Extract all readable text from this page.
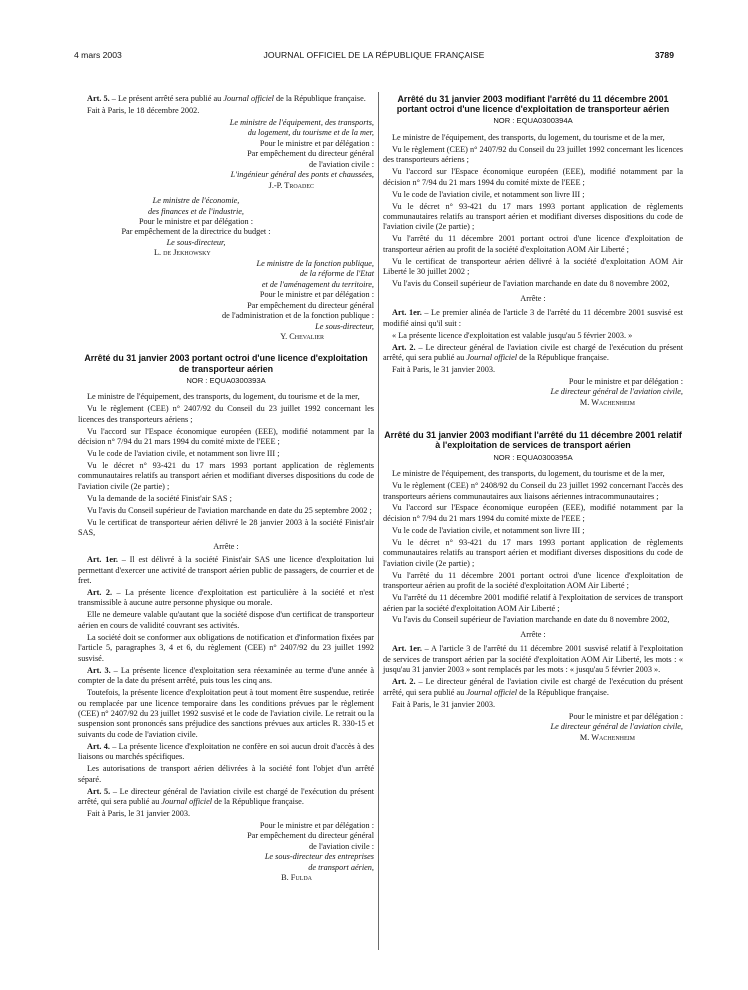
4 mars 2003	JOURNAL OFFICIEL DE LA RÉPUBLIQUE FRANÇAISE	3789

Art. 5. – Le présent arrêté sera publié au Journal officiel de la République française.

Fait à Paris, le 18 décembre 2002.

Le ministre de l'équipement, des transports,

du logement, du tourisme et de la mer,

Pour le ministre et par délégation :

Par empêchement du directeur général

de l'aviation civile :

L'ingénieur général des ponts et chaussées,

J.-P. Troadec

Le ministre de l'économie,

des finances et de l'industrie,

Pour le ministre et par délégation :

Par empêchement de la directrice du budget :

Le sous-directeur,

L. de Jekhowsky

Le ministre de la fonction publique,

de la réforme de l'Etat

et de l'aménagement du territoire,

Pour le ministre et par délégation :

Par empêchement du directeur général

de l'administration et de la fonction publique :

Le sous-directeur,

Y. Chevalier

Arrêté du 31 janvier 2003 portant octroi d'une licence d'exploitation de transporteur aérien

NOR : EQUA0300393A

Le ministre de l'équipement, des transports, du logement, du tourisme et de la mer,

Vu le règlement (CEE) n° 2407/92 du Conseil du 23 juillet 1992 concernant les licences des transporteurs aériens ;

Vu l'accord sur l'Espace économique européen (EEE), modifié notamment par la décision n° 7/94 du 21 mars 1994 du comité mixte de l'EEE ;

Vu le code de l'aviation civile, et notamment son livre III ;

Vu le décret n° 93-421 du 17 mars 1993 portant application de règlements communautaires relatifs au transport aérien et modifiant diverses dispositions du code de l'aviation civile (2e partie) ;

Vu la demande de la société Finist'air SAS ;

Vu l'avis du Conseil supérieur de l'aviation marchande en date du 25 septembre 2002 ;

Vu le certificat de transporteur aérien délivré le 28 janvier 2003 à la société Finist'air SAS,

Arrête :

Art. 1er. – Il est délivré à la société Finist'air SAS une licence d'exploitation lui permettant d'exercer une activité de transport aérien public de passagers, de courrier et de fret.

Art. 2. – La présente licence d'exploitation est particulière à la société et n'est transmissible à aucune autre personne physique ou morale.

Elle ne demeure valable qu'autant que la société dispose d'un certificat de transporteur aérien en cours de validité couvrant ses activités.

La société doit se conformer aux obligations de notification et d'information fixées par l'article 5, paragraphes 3, 4 et 6, du règlement (CEE) n° 2407/92 du 23 juillet 1992 susvisé.

Art. 3. – La présente licence d'exploitation sera réexaminée au terme d'une année à compter de la date du présent arrêté, puis tous les cinq ans.

Toutefois, la présente licence d'exploitation peut à tout moment être suspendue, retirée ou remplacée par une licence temporaire dans les conditions prévues par le règlement (CEE) n° 2407/92 du 23 juillet 1992 susvisé et le code de l'aviation civile. Le retrait ou la suspension sont prononcés sans préjudice des sanctions prévues aux articles R. 330-15 et suivants du code de l'aviation civile.

Art. 4. – La présente licence d'exploitation ne confère en soi aucun droit d'accès à des liaisons ou marchés spécifiques.

Les autorisations de transport aérien délivrées à la société font l'objet d'un arrêté séparé.

Art. 5. – Le directeur général de l'aviation civile est chargé de l'exécution du présent arrêté, qui sera publié au Journal officiel de la République française.

Fait à Paris, le 31 janvier 2003.

Pour le ministre et par délégation :

Par empêchement du directeur général

de l'aviation civile :

Le sous-directeur des entreprises

de transport aérien,

B. Fulda

Arrêté du 31 janvier 2003 modifiant l'arrêté du 11 décembre 2001 portant octroi d'une licence d'exploitation de transporteur aérien

NOR : EQUA0300394A

Le ministre de l'équipement, des transports, du logement, du tourisme et de la mer,

Vu le règlement (CEE) n° 2407/92 du Conseil du 23 juillet 1992 concernant les licences des transporteurs aériens ;

Vu l'accord sur l'Espace économique européen (EEE), modifié notamment par la décision n° 7/94 du 21 mars 1994 du comité mixte de l'EEE ;

Vu le code de l'aviation civile, et notamment son livre III ;

Vu le décret n° 93-421 du 17 mars 1993 portant application de règlements communautaires relatifs au transport aérien et modifiant diverses dispositions du code de l'aviation civile (2e partie) ;

Vu l'arrêté du 11 décembre 2001 portant octroi d'une licence d'exploitation de transporteur aérien au profit de la société d'exploitation AOM Air Liberté ;

Vu le certificat de transporteur aérien délivré à la société d'exploitation AOM Air Liberté le 30 juillet 2002 ;

Vu l'avis du Conseil supérieur de l'aviation marchande en date du 8 novembre 2002,

Arrête :

Art. 1er. – Le premier alinéa de l'article 3 de l'arrêté du 11 décembre 2001 susvisé est modifié ainsi qu'il suit :

« La présente licence d'exploitation est valable jusqu'au 5 février 2003. »

Art. 2. – Le directeur général de l'aviation civile est chargé de l'exécution du présent arrêté, qui sera publié au Journal officiel de la République française.

Fait à Paris, le 31 janvier 2003.

Pour le ministre et par délégation :

Le directeur général de l'aviation civile,

M. Wachenheim

Arrêté du 31 janvier 2003 modifiant l'arrêté du 11 décembre 2001 relatif à l'exploitation de services de transport aérien

NOR : EQUA0300395A

Le ministre de l'équipement, des transports, du logement, du tourisme et de la mer,

Vu le règlement (CEE) n° 2408/92 du Conseil du 23 juillet 1992 concernant l'accès des transporteurs aériens communautaires aux liaisons aériennes intracommunautaires ;

Vu l'accord sur l'Espace économique européen (EEE), modifié notamment par la décision n° 7/94 du 21 mars 1994 du comité mixte de l'EEE ;

Vu le code de l'aviation civile, et notamment son livre III ;

Vu le décret n° 93-421 du 17 mars 1993 portant application de règlements communautaires relatifs au transport aérien et modifiant diverses dispositions du code de l'aviation civile (2e partie) ;

Vu l'arrêté du 11 décembre 2001 portant octroi d'une licence d'exploitation de transporteur aérien au profit de la société d'exploitation AOM Air Liberté ;

Vu l'arrêté du 11 décembre 2001 modifié relatif à l'exploitation de services de transport aérien par la société d'exploitation AOM Air Liberté ;

Vu l'avis du Conseil supérieur de l'aviation marchande en date du 8 novembre 2002,

Arrête :

Art. 1er. – A l'article 3 de l'arrêté du 11 décembre 2001 susvisé relatif à l'exploitation de services de transport aérien par la société d'exploitation AOM Air Liberté, les mots : « jusqu'au 31 janvier 2003 » sont remplacés par les mots : « jusqu'au 5 février 2003 ».

Art. 2. – Le directeur général de l'aviation civile est chargé de l'exécution du présent arrêté, qui sera publié au Journal officiel de la République française.

Fait à Paris, le 31 janvier 2003.

Pour le ministre et par délégation :

Le directeur général de l'aviation civile,

M. Wachenheim
